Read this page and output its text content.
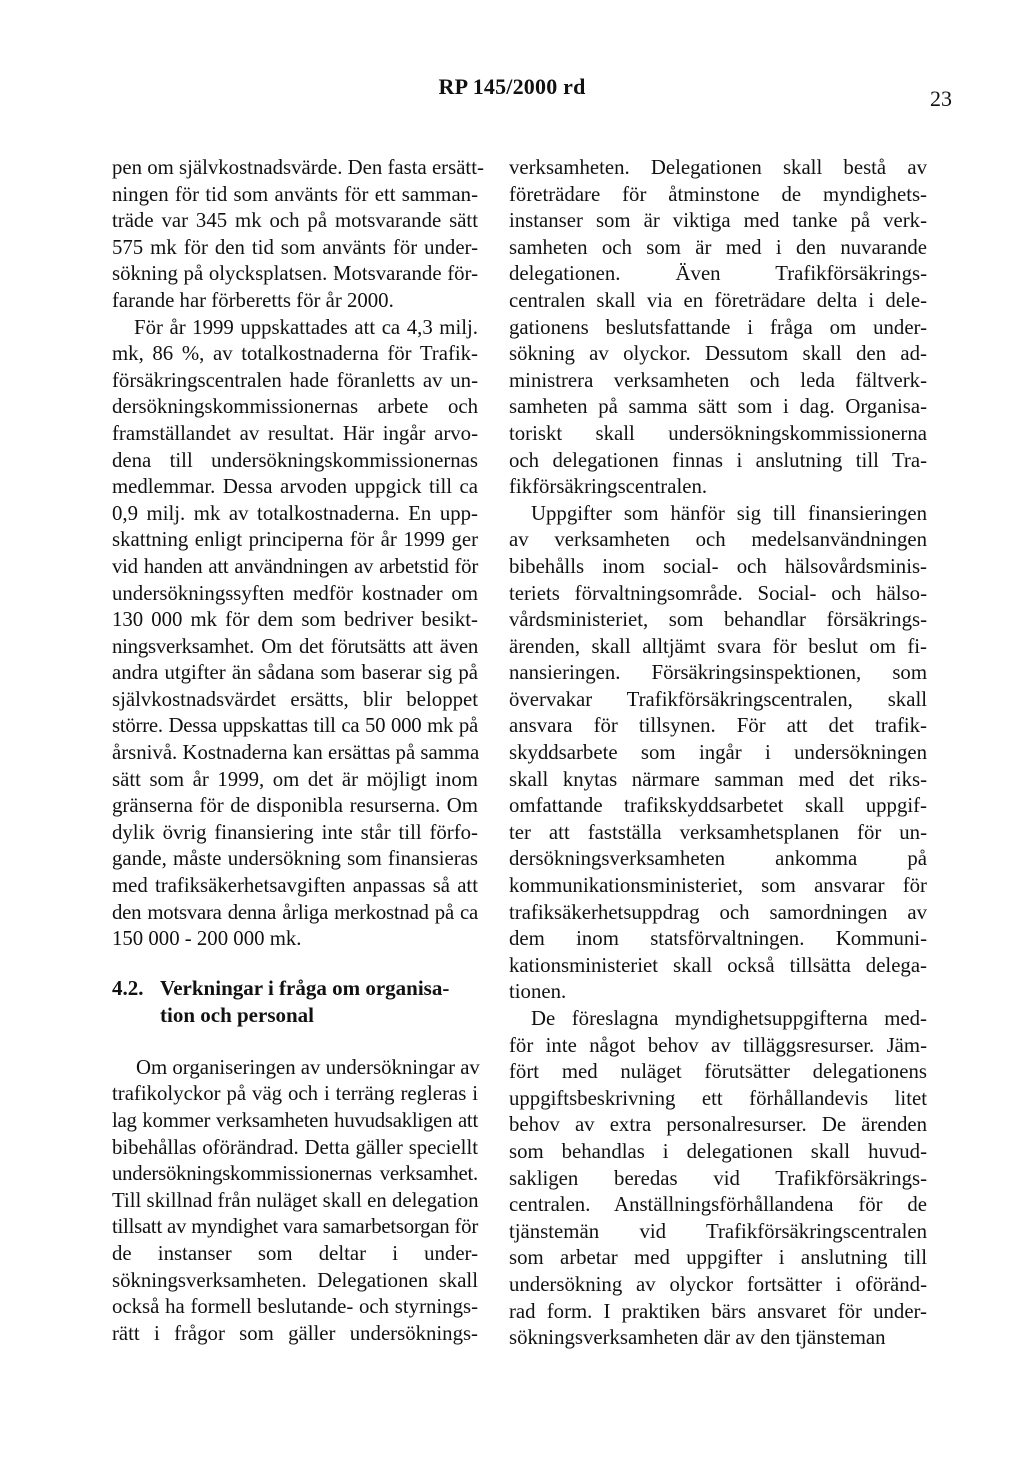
RP 145/2000 rd	23
pen om självkostnadsvärde. Den fasta ersätt-
ningen för tid som använts för ett samman-
träde var 345 mk och på motsvarande sätt
575 mk för den tid som använts för under-
sökning på olycksplatsen. Motsvarande för-
farande har förberetts för år 2000.
För år 1999 uppskattades att ca 4,3 milj.
mk, 86 %, av totalkostnaderna för Trafik-
försäkringscentralen hade föranletts av un-
dersökningskommissionernas arbete och
framställandet av resultat. Här ingår arvo-
dena till undersökningskommissionernas
medlemmar. Dessa arvoden uppgick till ca
0,9 milj. mk av totalkostnaderna. En upp-
skattning enligt principerna för år 1999 ger
vid handen att användningen av arbetstid för
undersökningssyften medför kostnader om
130 000 mk för dem som bedriver besikt-
ningsverksamhet. Om det förutsätts att även
andra utgifter än sådana som baserar sig på
självkostnadsvärdet ersätts, blir beloppet
större. Dessa uppskattas till ca 50 000 mk på
årsnivå. Kostnaderna kan ersättas på samma
sätt som år 1999, om det är möjligt inom
gränserna för de disponibla resurserna. Om
dylik övrig finansiering inte står till förfo-
gande, måste undersökning som finansieras
med trafiksäkerhetsavgiften anpassas så att
den motsvara denna årliga merkostnad på ca
150 000 - 200 000 mk.
4.2. Verkningar i fråga om organisa-
tion och personal
Om organiseringen av undersökningar av
trafikolyckor på väg och i terräng regleras i
lag kommer verksamheten huvudsakligen att
bibehållas oförändrad. Detta gäller speciellt
undersökningskommissionernas verksamhet.
Till skillnad från nuläget skall en delegation
tillsatt av myndighet vara samarbetsorgan för
de instanser som deltar i under-
sökningsverksamheten. Delegationen skall
också ha formell beslutande- och styrnings-
rätt i frågor som gäller undersöknings-
verksamheten. Delegationen skall bestå av
företrädare för åtminstone de myndighets-
instanser som är viktiga med tanke på verk-
samheten och som är med i den nuvarande
delegationen. Även Trafikförsäkrings-
centralen skall via en företrädare delta i dele-
gationens beslutsfattande i fråga om under-
sökning av olyckor. Dessutom skall den ad-
ministrera verksamheten och leda fältverk-
samheten på samma sätt som i dag. Organisa-
toriskt skall undersökningskommissionerna
och delegationen finnas i anslutning till Tra-
fikförsäkringscentralen.
Uppgifter som hänför sig till finansieringen
av verksamheten och medelsanvändningen
bibehålls inom social- och hälsovårdsminis-
teriets förvaltningsområde. Social- och hälso-
vårdsministeriet, som behandlar försäkrings-
ärenden, skall alltjämt svara för beslut om fi-
nansieringen. Försäkringsinspektionen, som
övervakar Trafikförsäkringscentralen, skall
ansvara för tillsynen. För att det trafik-
skyddsarbete som ingår i undersökningen
skall knytas närmare samman med det riks-
omfattande trafikskyddsarbetet skall uppgif-
ter att fastställa verksamhetsplanen för un-
dersökningsverksamheten ankomma på
kommunikationsministeriet, som ansvarar för
trafiksäkerhetsuppdrag och samordningen av
dem inom statsförvaltningen. Kommuni-
kationsministeriet skall också tillsätta delega-
tionen.
De föreslagna myndighetsuppgifterna med-
för inte något behov av tilläggsresurser. Jäm-
fört med nuläget förutsätter delegationens
uppgiftsbeskrivning ett förhållandevis litet
behov av extra personalresurser. De ärenden
som behandlas i delegationen skall huvud-
sakligen beredas vid Trafikförsäkrings-
centralen. Anställningsförhållandena för de
tjänstemän vid Trafikförsäkringscentralen
som arbetar med uppgifter i anslutning till
undersökning av olyckor fortsätter i oföränd-
rad form. I praktiken bärs ansvaret för under-
sökningsverksamheten där av den tjänsteman
